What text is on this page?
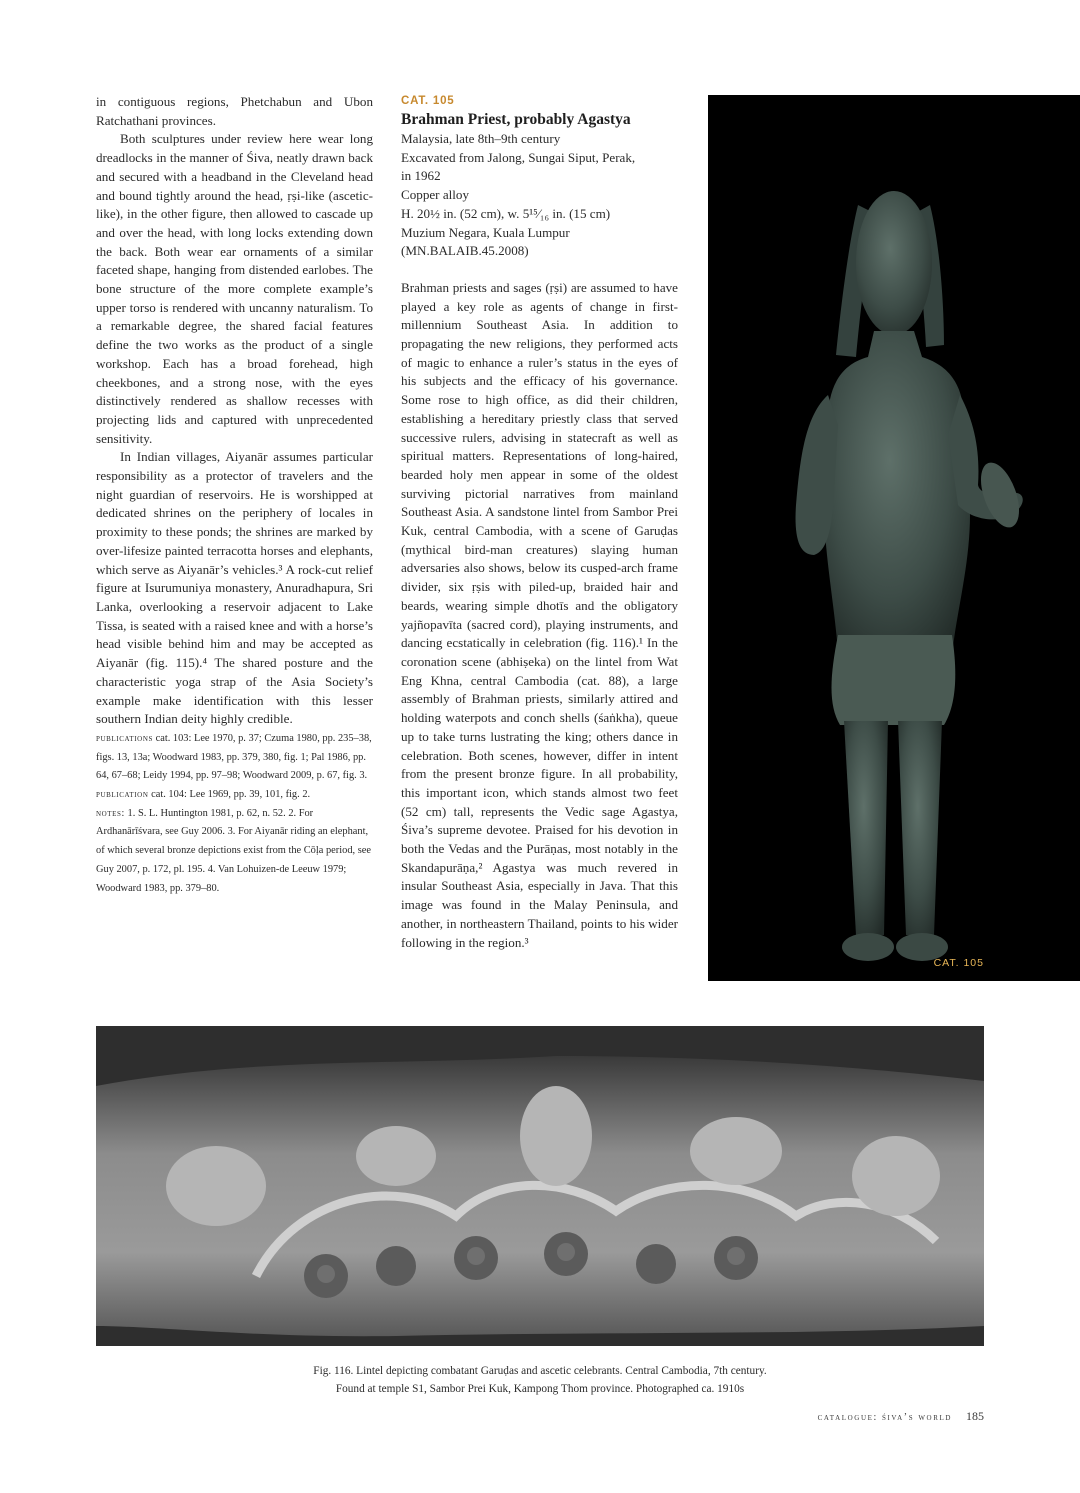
in contiguous regions, Phetchabun and Ubon Ratchathani provinces.

Both sculptures under review here wear long dreadlocks in the manner of Śiva, neatly drawn back and secured with a headband in the Cleveland head and bound tightly around the head, ṛṣi-like (ascetic-like), in the other figure, then allowed to cascade up and over the head, with long locks extending down the back. Both wear ear ornaments of a similar faceted shape, hanging from distended earlobes. The bone structure of the more complete example’s upper torso is rendered with uncanny naturalism. To a remarkable degree, the shared facial features define the two works as the product of a single workshop. Each has a broad forehead, high cheekbones, and a strong nose, with the eyes distinctively rendered as shallow recesses with projecting lids and captured with unprecedented sensitivity.

In Indian villages, Aiyanār assumes particular responsibility as a protector of travelers and the night guardian of reservoirs. He is worshipped at dedicated shrines on the periphery of locales in proximity to these ponds; the shrines are marked by over-lifesize painted terracotta horses and elephants, which serve as Aiyanār’s vehicles.³ A rock-cut relief figure at Isurumuniya monastery, Anuradhapura, Sri Lanka, overlooking a reservoir adjacent to Lake Tissa, is seated with a raised knee and with a horse’s head visible behind him and may be accepted as Aiyanār (fig. 115).⁴ The shared posture and the characteristic yoga strap of the Asia Society’s example make identification with this lesser southern Indian deity highly credible.

publications cat. 103: Lee 1970, p. 37; Czuma 1980, pp. 235–38, figs. 13, 13a; Woodward 1983, pp. 379, 380, fig. 1; Pal 1986, pp. 64, 67–68; Leidy 1994, pp. 97–98; Woodward 2009, p. 67, fig. 3.

publication cat. 104: Lee 1969, pp. 39, 101, fig. 2.

notes: 1. S. L. Huntington 1981, p. 62, n. 52. 2. For Ardhanārīśvara, see Guy 2006. 3. For Aiyanār riding an elephant, of which several bronze depictions exist from the Cōḷa period, see Guy 2007, p. 172, pl. 195. 4. Van Lohuizen-de Leeuw 1979; Woodward 1983, pp. 379–80.

CAT. 105
Brahman Priest, probably Agastya
Malaysia, late 8th–9th century
Excavated from Jalong, Sungai Siput, Perak,
in 1962
Copper alloy
H. 20½ in. (52 cm), w. 5¹⁵⁄₁₆ in. (15 cm)
Muzium Negara, Kuala Lumpur
(MN.BALAIB.45.2008)
Brahman priests and sages (ṛṣi) are assumed to have played a key role as agents of change in first-millennium Southeast Asia. In addition to propagating the new religions, they performed acts of magic to enhance a ruler’s status in the eyes of his subjects and the efficacy of his governance. Some rose to high office, as did their children, establishing a hereditary priestly class that served successive rulers, advising in statecraft as well as spiritual matters. Representations of long-haired, bearded holy men appear in some of the oldest surviving pictorial narratives from mainland Southeast Asia. A sandstone lintel from Sambor Prei Kuk, central Cambodia, with a scene of Garuḍas (mythical bird-man creatures) slaying human adversaries also shows, below its cusped-arch frame divider, six ṛṣis with piled-up, braided hair and beards, wearing simple dhotīs and the obligatory yajñopavīta (sacred cord), playing instruments, and dancing ecstatically in celebration (fig. 116).¹ In the coronation scene (abhiṣeka) on the lintel from Wat Eng Khna, central Cambodia (cat. 88), a large assembly of Brahman priests, similarly attired and holding waterpots and conch shells (śaṅkha), queue up to take turns lustrating the king; others dance in celebration. Both scenes, however, differ in intent from the present bronze figure. In all probability, this important icon, which stands almost two feet (52 cm) tall, represents the Vedic sage Agastya, Śiva’s supreme devotee. Praised for his devotion in both the Vedas and the Purāṇas, most notably in the Skandapurāṇa,² Agastya was much revered in insular Southeast Asia, especially in Java. That this image was found in the Malay Peninsula, and another, in northeastern Thailand, points to his wider following in the region.³
CAT. 105
Fig. 116. Lintel depicting combatant Garuḍas and ascetic celebrants. Central Cambodia, 7th century.
Found at temple S1, Sambor Prei Kuk, Kampong Thom province. Photographed ca. 1910s
catalogue: śiva’s world 185
